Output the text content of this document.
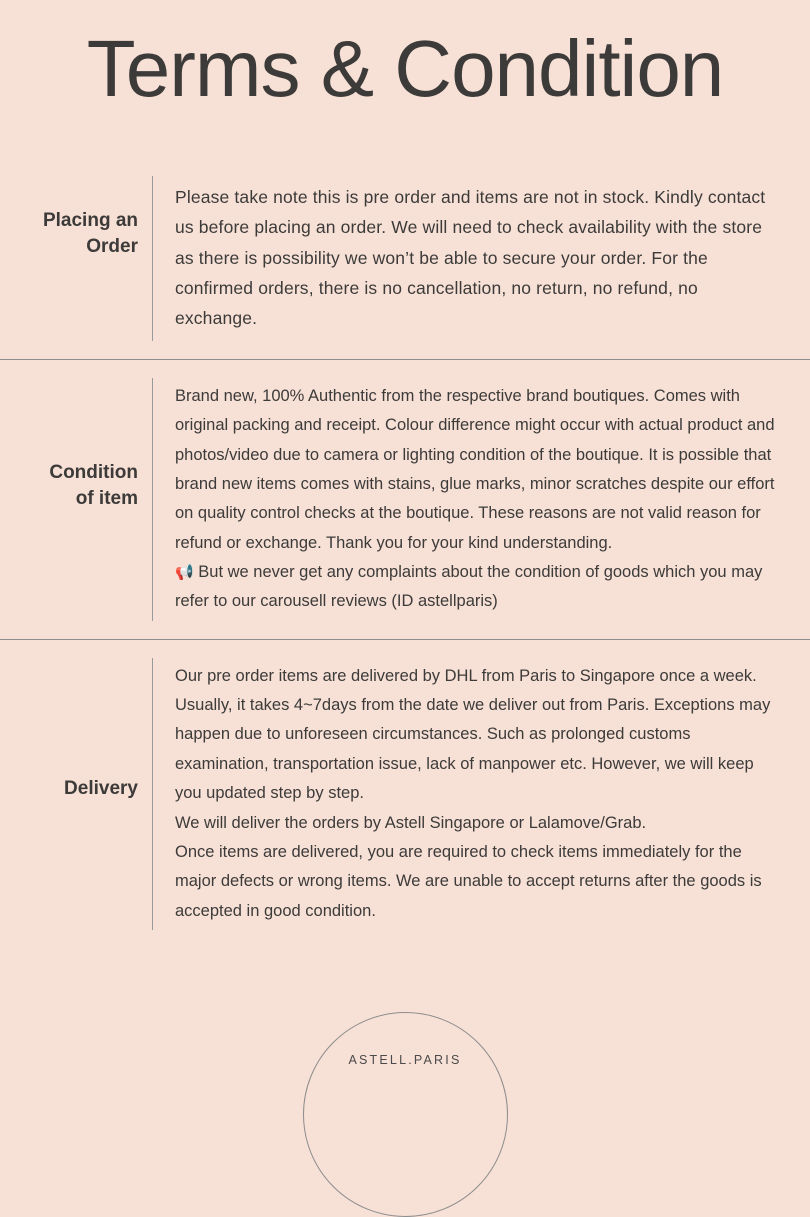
Terms & Condition
Placing an Order

Please take note this is pre order and items are not in stock. Kindly contact us before placing an order. We will need to check availability with the store as there is possibility we won’t be able to secure your order. For the confirmed orders, there is no cancellation, no return, no refund, no exchange.

Condition of item

Brand new, 100% Authentic from the respective brand boutiques. Comes with original packing and receipt. Colour difference might occur with actual product and photos/video due to camera or lighting condition of the boutique. It is possible that brand new items comes with stains, glue marks, minor scratches despite our effort on quality control checks at the boutique. These reasons are not valid reason for refund or exchange. Thank you for your kind understanding.

📢 But we never get any complaints about the condition of goods which you may refer to our carousell reviews (ID astellparis)

Delivery

Our pre order items are delivered by DHL from Paris to Singapore once a week. Usually, it takes 4~7days from the date we deliver out from Paris. Exceptions may happen due to unforeseen circumstances. Such as prolonged customs examination, transportation issue, lack of manpower etc. However, we will keep you updated step by step.

We will deliver the orders by Astell Singapore or Lalamove/Grab.

Once items are delivered, you are required to check items immediately for the major defects or wrong items. We are unable to accept returns after the goods is accepted in good condition.

ASTELL.PARIS
